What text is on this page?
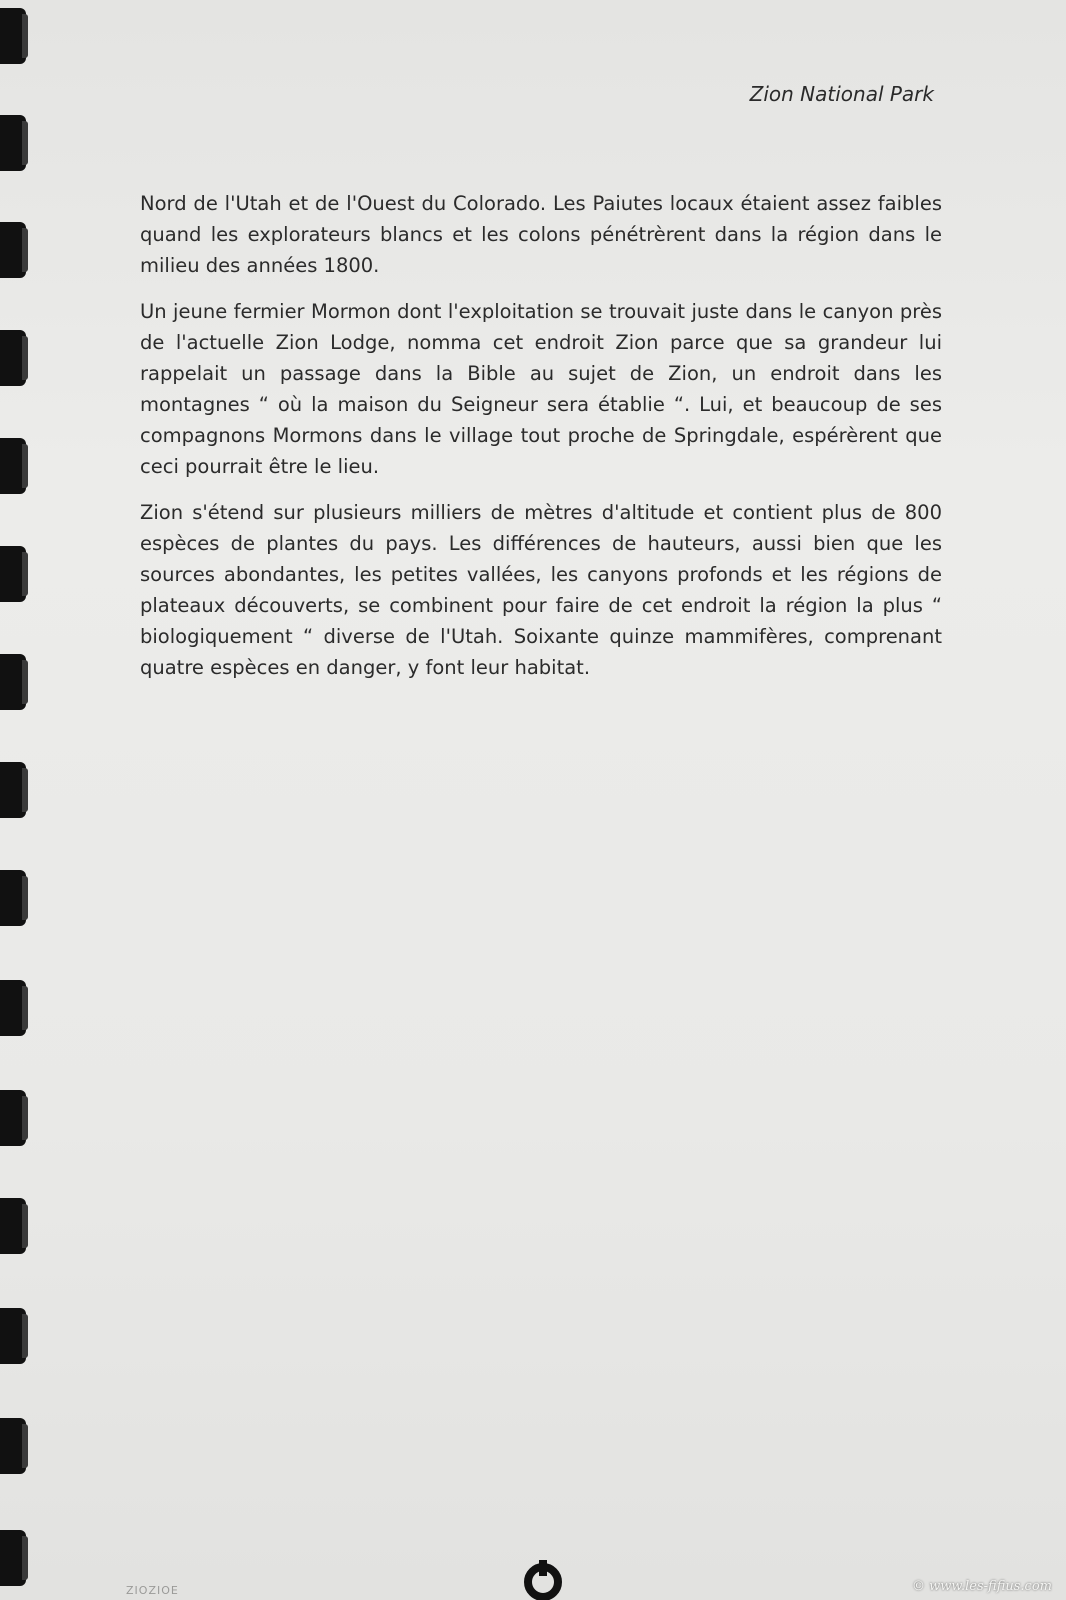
Zion National Park

Nord de l'Utah et de l'Ouest du Colorado. Les Paiutes locaux étaient assez faibles quand les explorateurs blancs et les colons pénétrèrent dans la région dans le milieu des années 1800.

Un jeune fermier Mormon dont l'exploitation se trouvait juste dans le canyon près de l'actuelle Zion Lodge, nomma cet endroit Zion parce que sa grandeur lui rappelait un passage dans la Bible au sujet de Zion, un endroit dans les montagnes “ où la maison du Seigneur sera établie “. Lui, et beaucoup de ses compagnons Mormons dans le village tout proche de Springdale, espérèrent que ceci pourrait être le lieu.

Zion s'étend sur plusieurs milliers de mètres d'altitude et contient plus de 800 espèces de plantes du pays. Les différences de hauteurs, aussi bien que les sources abondantes, les petites vallées, les canyons profonds et les régions de plateaux découverts, se combinent pour faire de cet endroit la région la plus “ biologiquement “ diverse de l'Utah. Soixante quinze mammifères, comprenant quatre espèces en danger, y font leur habitat.

ZIOZIOE	© www.les-fifius.com
